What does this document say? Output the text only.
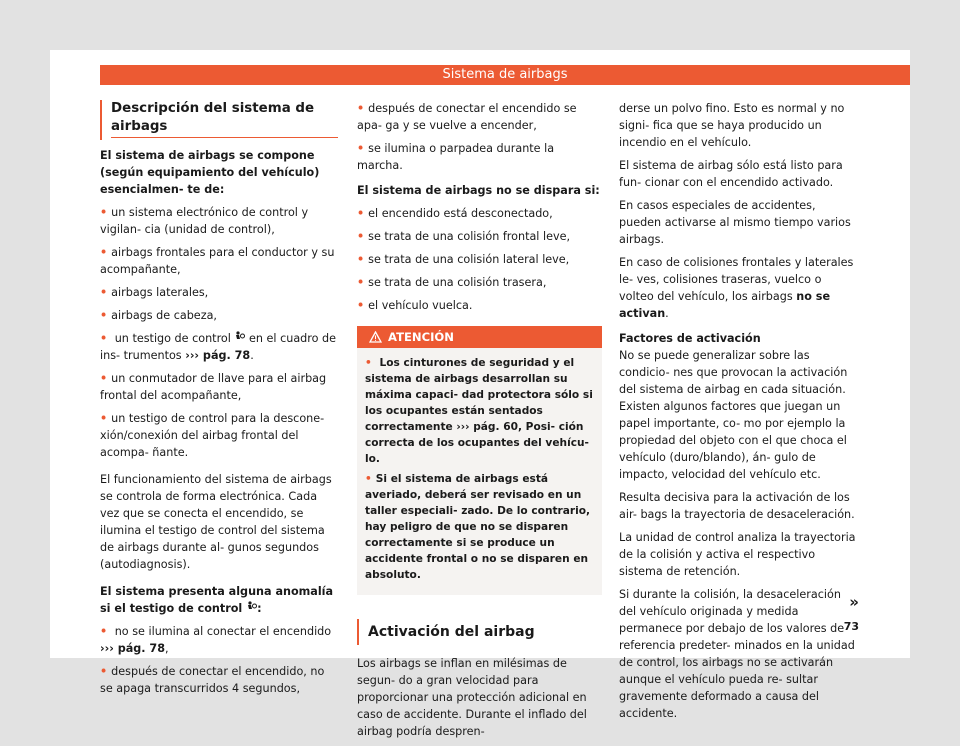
Sistema de airbags
Descripción del sistema de airbags

El sistema de airbags se compone (según equipamiento del vehículo) esencialmen- te de:

• un sistema electrónico de control y vigilan- cia (unidad de control),

• airbags frontales para el conductor y su acompañante,

• airbags laterales,

• airbags de cabeza,

• un testigo de control en el cuadro de ins- trumentos ››› pág. 78.

• un conmutador de llave para el airbag frontal del acompañante,

• un testigo de control para la descone- xión/conexión del airbag frontal del acompa- ñante.

El funcionamiento del sistema de airbags se controla de forma electrónica. Cada vez que se conecta el encendido, se ilumina el testigo de control del sistema de airbags durante al- gunos segundos (autodiagnosis).

El sistema presenta alguna anomalía si el testigo de control :

• no se ilumina al conectar el encendido ››› pág. 78,

• después de conectar el encendido, no se apaga transcurridos 4 segundos,

• después de conectar el encendido se apa- ga y se vuelve a encender,

• se ilumina o parpadea durante la marcha.

El sistema de airbags no se dispara si:

• el encendido está desconectado,

• se trata de una colisión frontal leve,

• se trata de una colisión lateral leve,

• se trata de una colisión trasera,

• el vehículo vuelca.

ATENCIÓN

• Los cinturones de seguridad y el sistema de airbags desarrollan su máxima capaci- dad protectora sólo si los ocupantes están sentados correctamente ››› pág. 60, Posi- ción correcta de los ocupantes del vehícu- lo.

• Si el sistema de airbags está averiado, deberá ser revisado en un taller especiali- zado. De lo contrario, hay peligro de que no se disparen correctamente si se produce un accidente frontal o no se disparen en absoluto.

Activación del airbag

Los airbags se inflan en milésimas de segun- do a gran velocidad para proporcionar una protección adicional en caso de accidente. Durante el inflado del airbag podría despren-

derse un polvo fino. Esto es normal y no signi- fica que se haya producido un incendio en el vehículo.

El sistema de airbag sólo está listo para fun- cionar con el encendido activado.

En casos especiales de accidentes, pueden activarse al mismo tiempo varios airbags.

En caso de colisiones frontales y laterales le- ves, colisiones traseras, vuelco o volteo del vehículo, los airbags no se activan.

Factores de activación

No se puede generalizar sobre las condicio- nes que provocan la activación del sistema de airbag en cada situación. Existen algunos factores que juegan un papel importante, co- mo por ejemplo la propiedad del objeto con el que choca el vehículo (duro/blando), án- gulo de impacto, velocidad del vehículo etc.

Resulta decisiva para la activación de los air- bags la trayectoria de desaceleración.

La unidad de control analiza la trayectoria de la colisión y activa el respectivo sistema de retención.

Si durante la colisión, la desaceleración del vehículo originada y medida permanece por debajo de los valores de referencia predeter- minados en la unidad de control, los airbags no se activarán aunque el vehículo pueda re- sultar gravemente deformado a causa del accidente.

»
73
